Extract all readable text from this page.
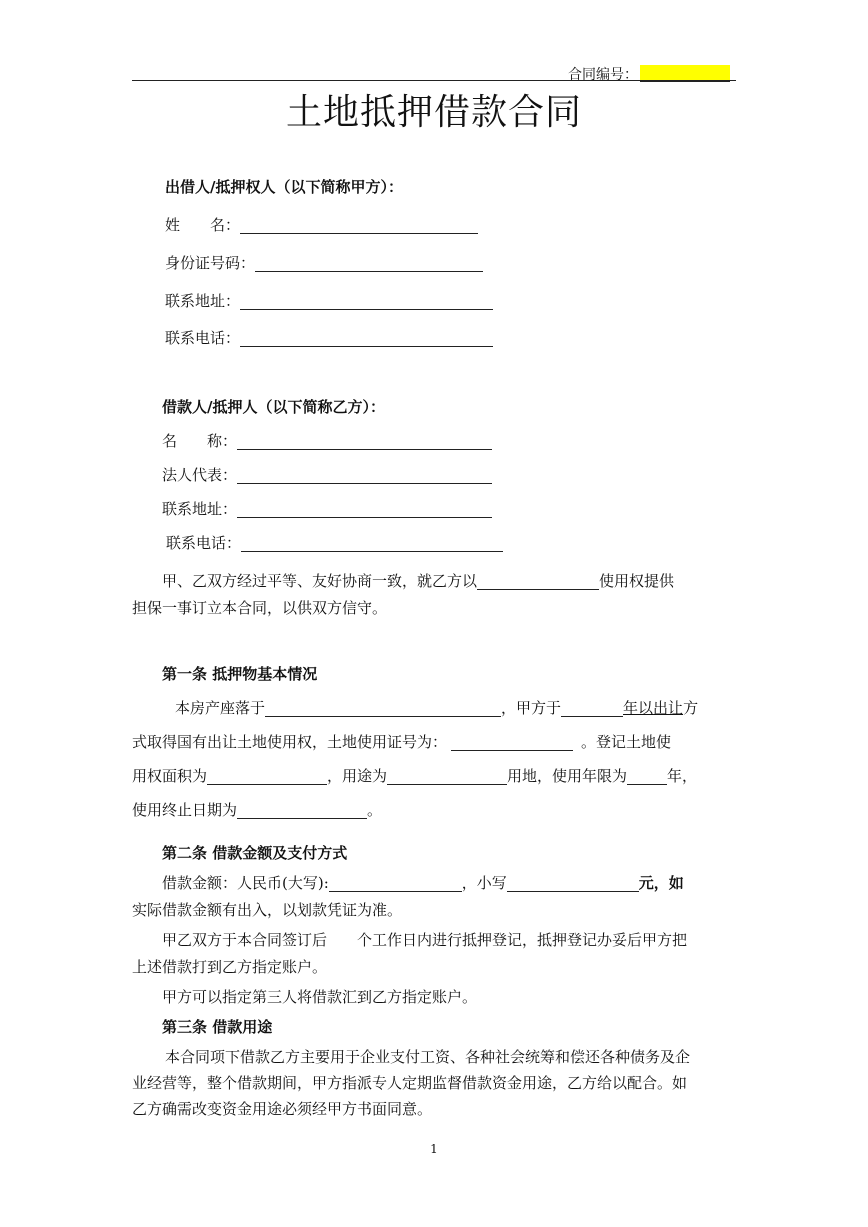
合同编号：
土地抵押借款合同
出借人/抵押权人（以下简称甲方）：
姓　　名：
身份证号码：
联系地址：
联系电话：
借款人/抵押人（以下简称乙方）：
名　　称：
法人代表：
联系地址：
联系电话：
甲、乙双方经过平等、友好协商一致，就乙方以	使用权提供
担保一事订立本合同，以供双方信守。
第一条 抵押物基本情况
本房产座落于	，甲方于	年以出让方
式取得国有出让土地使用权，土地使用证号为：	。登记土地使
用权面积为	，用途为	用地，使用年限为	年，
使用终止日期为	。
第二条 借款金额及支付方式
借款金额：人民币(大写):	，小写	元，如
实际借款金额有出入，以划款凭证为准。
甲乙双方于本合同签订后　　个工作日内进行抵押登记，抵押登记办妥后甲方把
上述借款打到乙方指定账户。
甲方可以指定第三人将借款汇到乙方指定账户。
第三条 借款用途
本合同项下借款乙方主要用于企业支付工资、各种社会统筹和偿还各种债务及企
业经营等，整个借款期间，甲方指派专人定期监督借款资金用途，乙方给以配合。如
乙方确需改变资金用途必须经甲方书面同意。
1
